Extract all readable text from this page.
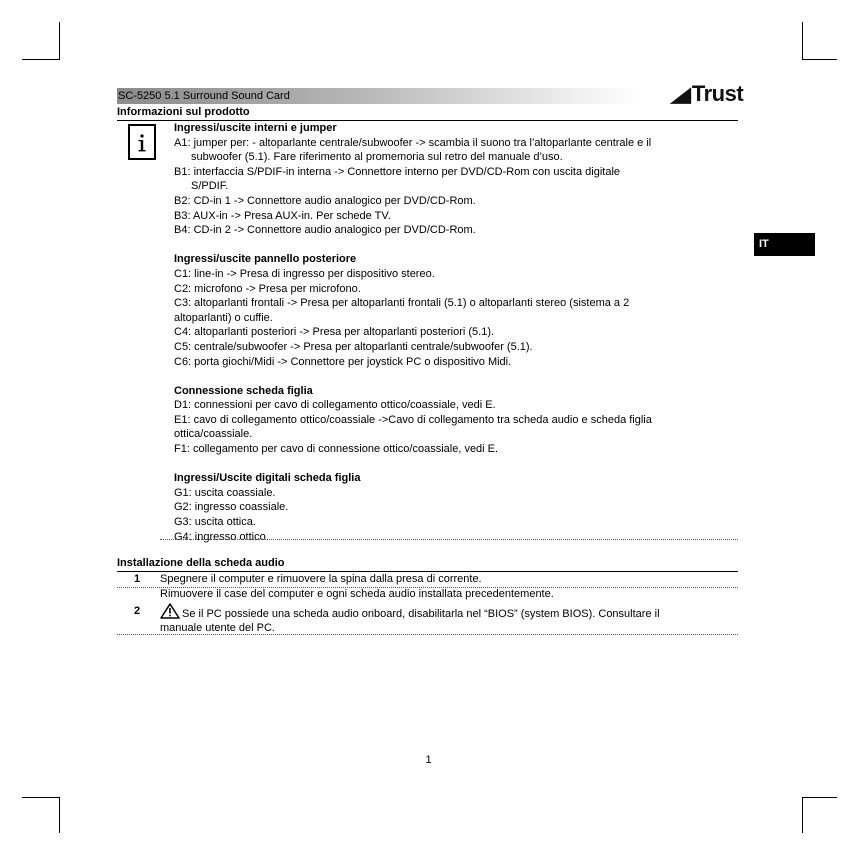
SC-5250 5.1 Surround Sound Card	◢Trust
Informazioni sul prodotto

Ingressi/uscite interni e jumper

A1: jumper per: - altoparlante centrale/subwoofer -> scambia il suono tra l’altoparlante centrale e il

subwoofer (5.1). Fare riferimento al promemoria sul retro del manuale d’uso.

B1: interfaccia S/PDIF-in interna -> Connettore interno per DVD/CD-Rom con uscita digitale

S/PDIF.

B2: CD-in 1 -> Connettore audio analogico per DVD/CD-Rom.

B3: AUX-in -> Presa AUX-in. Per schede TV.

B4: CD-in 2 -> Connettore audio analogico per DVD/CD-Rom.

Ingressi/uscite pannello posteriore

C1: line-in -> Presa di ingresso per dispositivo stereo.

C2: microfono -> Presa per microfono.

C3: altoparlanti frontali -> Presa per altoparlanti frontali (5.1) o altoparlanti stereo (sistema a 2

altoparlanti) o cuffie.

C4: altoparlanti posteriori -> Presa per altoparlanti posteriori (5.1).

C5: centrale/subwoofer -> Presa per altoparlanti centrale/subwoofer (5.1).

C6: porta giochi/Midi -> Connettore per joystick PC o dispositivo Midi.

Connessione scheda figlia

D1: connessioni per cavo di collegamento ottico/coassiale, vedi E.

E1: cavo di collegamento ottico/coassiale ->Cavo di collegamento tra scheda audio e scheda figlia

ottica/coassiale.

F1: collegamento per cavo di connessione ottico/coassiale, vedi E.

Ingressi/Uscite digitali scheda figlia

G1: uscita coassiale.

G2: ingresso coassiale.

G3: uscita ottica.

G4: ingresso ottico.

IT
Installazione della scheda audio
1	Spegnere il computer e rimuovere la spina dalla presa di corrente.
2
Rimuovere il case del computer e ogni scheda audio installata precedentemente.
Se il PC possiede una scheda audio onboard, disabilitarla nel “BIOS” (system BIOS). Consultare il
manuale utente del PC.
1
